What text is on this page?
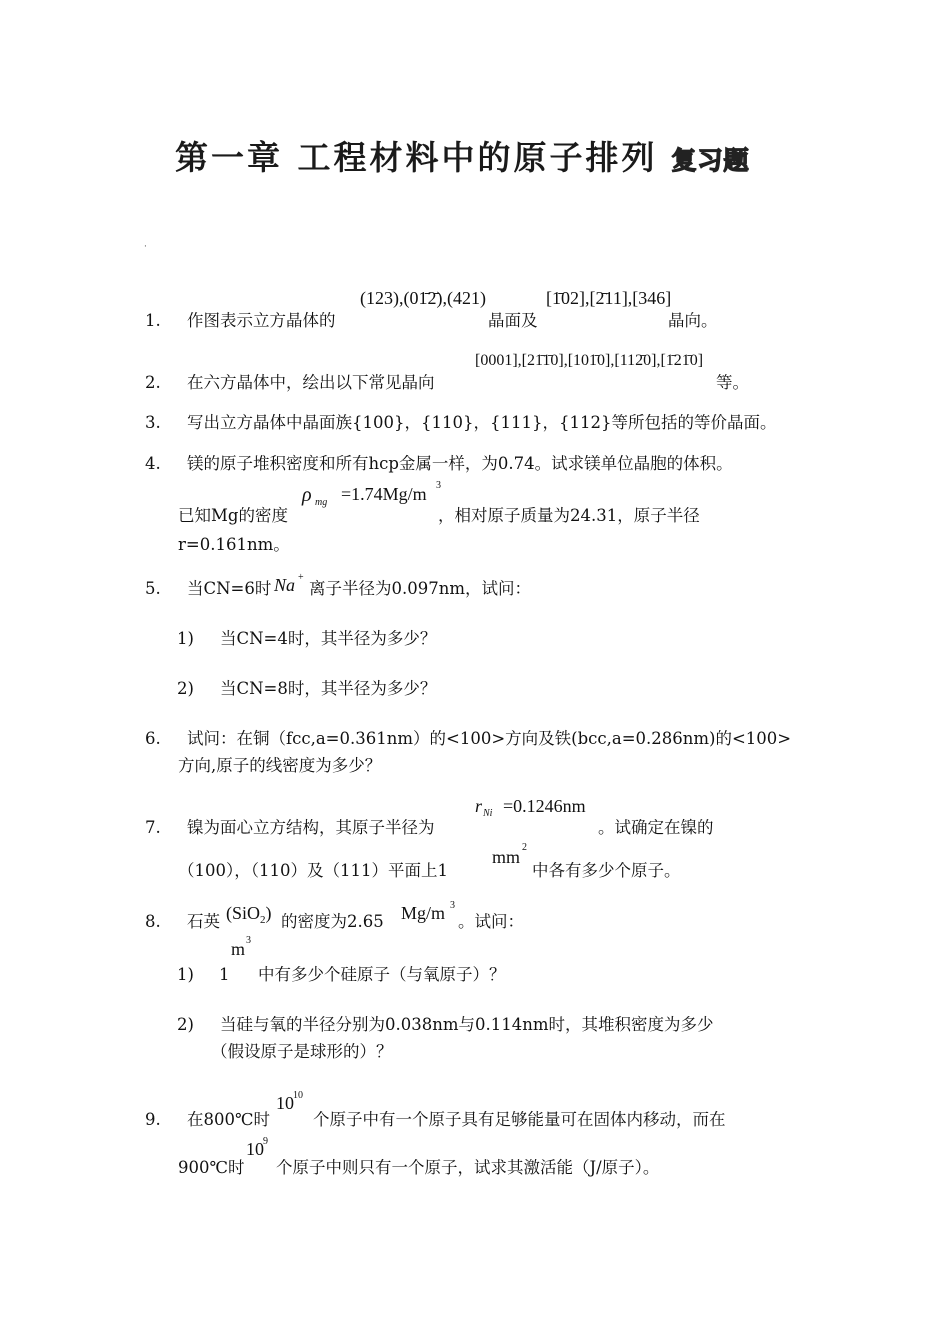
第一章 工程材料中的原子排列 复习题
·
1. 作图表示立方晶体的
(123),(01̄2̄),(421)
晶面及
[1̄02],[2̄11],[346]
晶向。
2. 在六方晶体中，绘出以下常见晶向
[0001],[21̄1̄0],[101̄0],[112̄0],[1̄21̄0]
等。
3. 写出立方晶体中晶面族{100}，{110}，{111}，{112}等所包括的等价晶面。
4. 镁的原子堆积密度和所有hcp金属一样，为0.74。试求镁单位晶胞的体积。
已知Mg的密度
ρ mg =1.74Mg/m 3
，相对原子质量为24.31，原子半径
r=0.161nm。
5. 当CN=6时 Na +
离子半径为0.097nm，试问：
1) 当CN=4时，其半径为多少？
2) 当CN=8时，其半径为多少？
6. 试问：在铜（fcc,a=0.361nm）的<100>方向及铁(bcc,a=0.286nm)的<100>
方向,原子的线密度为多少？
7. 镍为面心立方结构，其原子半径为
r Ni =0.1246nm
。试确定在镍的
（100），（110）及（111）平面上1
mm 2
中各有多少个原子。
8. 石英 (SiO$_2$) 的密度为2.65 Mg/m 3
。试问：
1) 1
m 3
中有多少个硅原子（与氧原子）？
2) 当硅与氧的半径分别为0.038nm与0.114nm时，其堆积密度为多少
（假设原子是球形的）？
9. 在800℃时
10 10
个原子中有一个原子具有足够能量可在固体内移动，而在
900℃时
10 9
个原子中则只有一个原子，试求其激活能（J/原子）。
